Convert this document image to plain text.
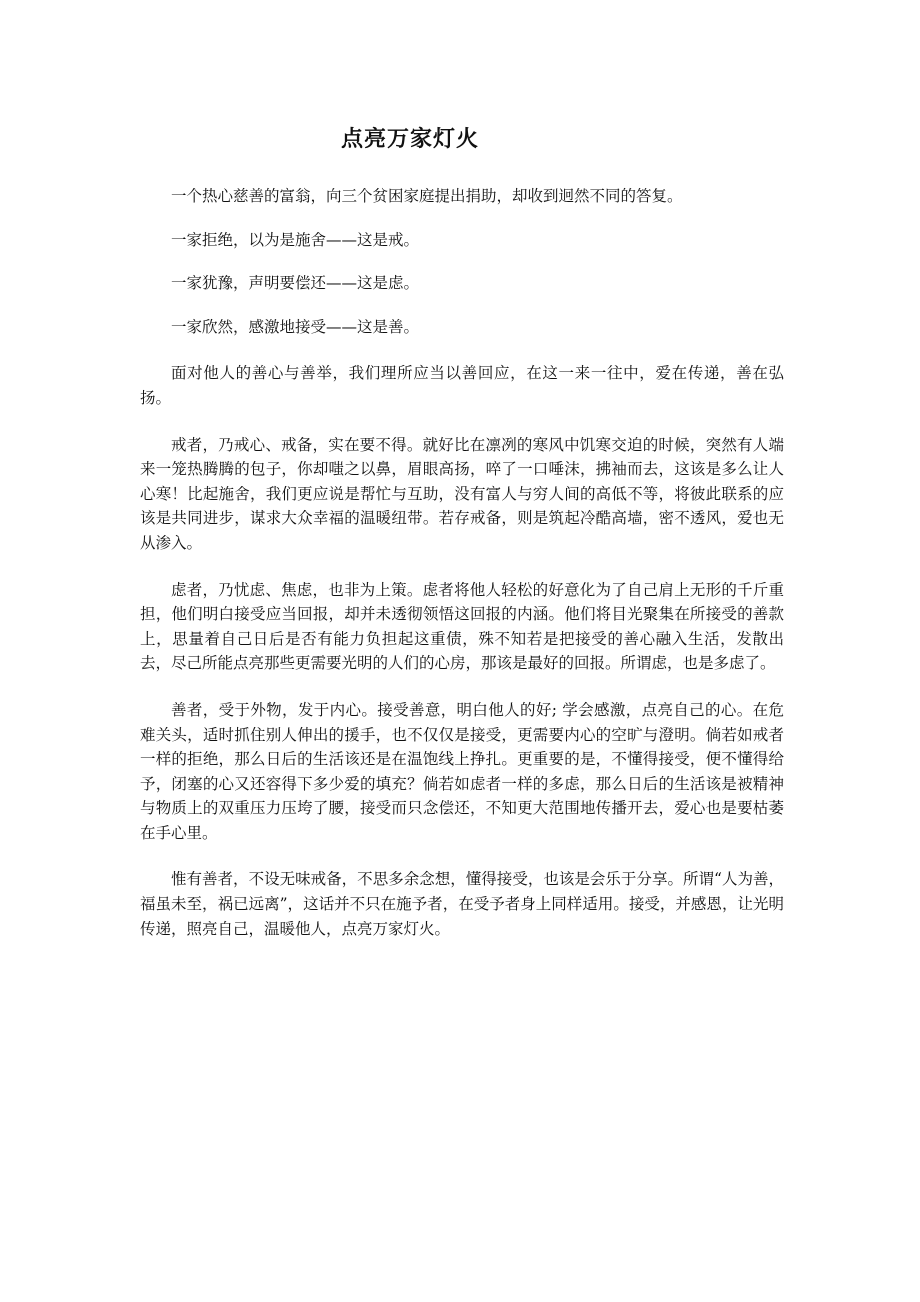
点亮万家灯火

一个热心慈善的富翁，向三个贫困家庭提出捐助，却收到迥然不同的答复。

一家拒绝，以为是施舍——这是戒。

一家犹豫，声明要偿还——这是虑。

一家欣然，感激地接受——这是善。

面对他人的善心与善举，我们理所应当以善回应，在这一来一往中，爱在传递，善在弘扬。

戒者，乃戒心、戒备，实在要不得。就好比在凛冽的寒风中饥寒交迫的时候，突然有人端来一笼热腾腾的包子，你却嗤之以鼻，眉眼高扬，啐了一口唾沫，拂袖而去，这该是多么让人心寒！比起施舍，我们更应说是帮忙与互助，没有富人与穷人间的高低不等，将彼此联系的应该是共同进步，谋求大众幸福的温暖纽带。若存戒备，则是筑起冷酷高墙，密不透风，爱也无从渗入。

虑者，乃忧虑、焦虑，也非为上策。虑者将他人轻松的好意化为了自己肩上无形的千斤重担，他们明白接受应当回报，却并未透彻领悟这回报的内涵。他们将目光聚集在所接受的善款上，思量着自己日后是否有能力负担起这重债，殊不知若是把接受的善心融入生活，发散出去，尽己所能点亮那些更需要光明的人们的心房，那该是最好的回报。所谓虑，也是多虑了。

善者，受于外物，发于内心。接受善意，明白他人的好; 学会感激，点亮自己的心。在危难关头，适时抓住别人伸出的援手，也不仅仅是接受，更需要内心的空旷与澄明。倘若如戒者一样的拒绝，那么日后的生活该还是在温饱线上挣扎。更重要的是，不懂得接受，便不懂得给予，闭塞的心又还容得下多少爱的填充？倘若如虑者一样的多虑，那么日后的生活该是被精神与物质上的双重压力压垮了腰，接受而只念偿还，不知更大范围地传播开去，爱心也是要枯萎在手心里。

惟有善者，不设无味戒备，不思多余念想，懂得接受，也该是会乐于分享。所谓“人为善，福虽未至，祸已远离”，这话并不只在施予者，在受予者身上同样适用。接受，并感恩，让光明传递，照亮自己，温暖他人，点亮万家灯火。
